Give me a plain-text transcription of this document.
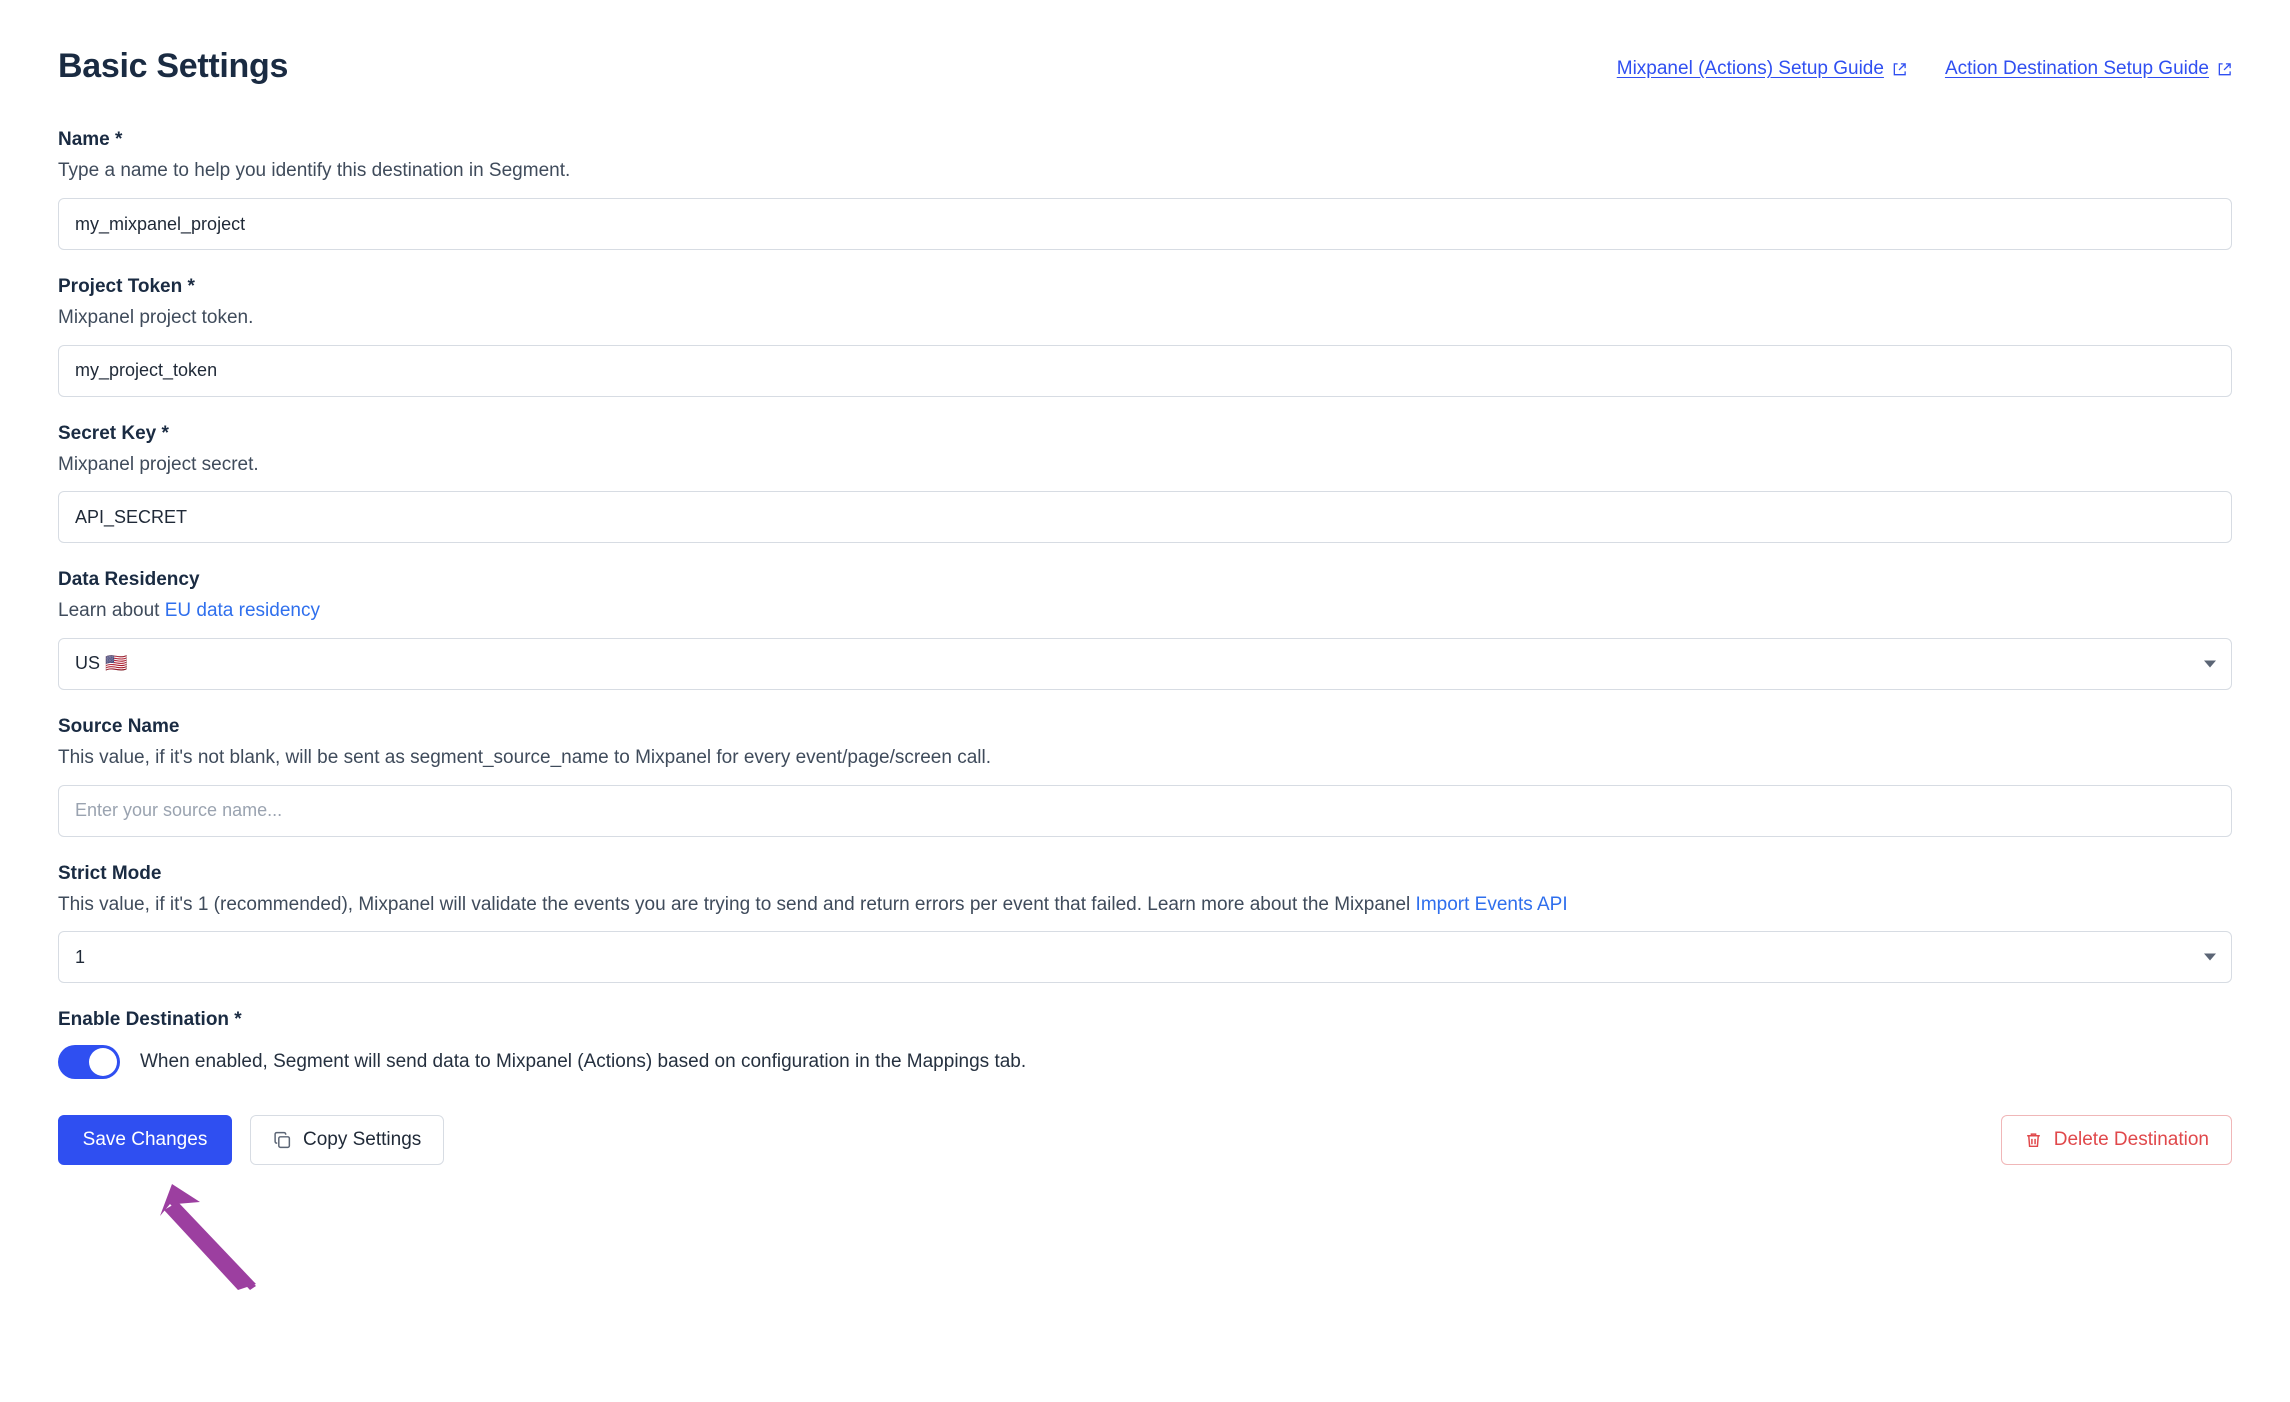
Basic Settings	Mixpanel (Actions) Setup Guide	Action Destination Setup Guide
Name *
Type a name to help you identify this destination in Segment.
my_mixpanel_project
Project Token *
Mixpanel project token.
my_project_token
Secret Key *
Mixpanel project secret.
API_SECRET
Data Residency
Learn about EU data residency
US 🇺🇸
Source Name
This value, if it's not blank, will be sent as segment_source_name to Mixpanel for every event/page/screen call.
Enter your source name...
Strict Mode
This value, if it's 1 (recommended), Mixpanel will validate the events you are trying to send and return errors per event that failed. Learn more about the Mixpanel Import Events API
1
Enable Destination *
When enabled, Segment will send data to Mixpanel (Actions) based on configuration in the Mappings tab.
Save Changes	Copy Settings	Delete Destination
